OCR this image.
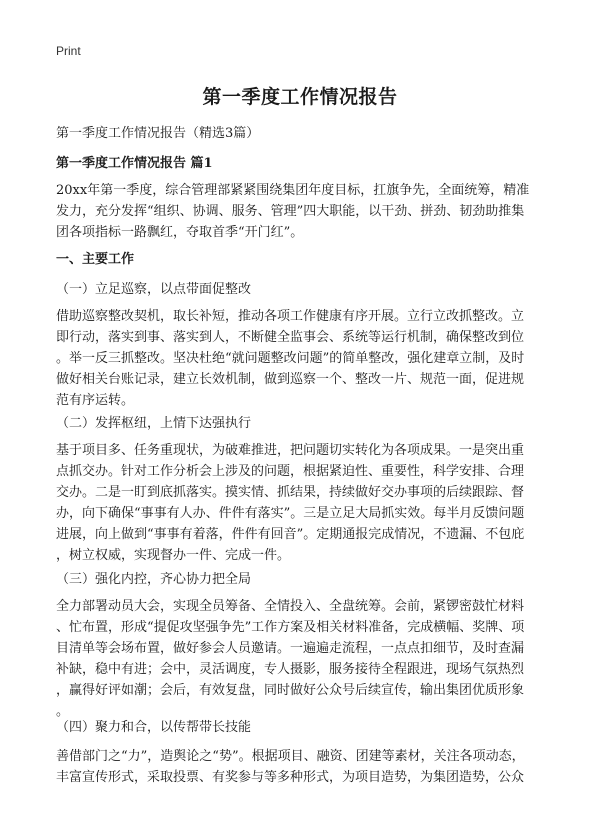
Print
第一季度工作情况报告
第一季度工作情况报告（精选3篇）
第一季度工作情况报告 篇1
20xx年第一季度，综合管理部紧紧围绕集团年度目标，扛旗争先，全面统筹，精准
发力，充分发挥“组织、协调、服务、管理”四大职能，以干劲、拼劲、韧劲助推集
团各项指标一路飘红，夺取首季“开门红”。
一、主要工作
（一）立足巡察，以点带面促整改
借助巡察整改契机，取长补短，推动各项工作健康有序开展。立行立改抓整改。立
即行动，落实到事、落实到人，不断健全监事会、系统等运行机制，确保整改到位
。举一反三抓整改。坚决杜绝“就问题整改问题”的简单整改，强化建章立制，及时
做好相关台账记录，建立长效机制，做到巡察一个、整改一片、规范一面，促进规
范有序运转。
（二）发挥枢纽，上情下达强执行
基于项目多、任务重现状，为破难推进，把问题切实转化为各项成果。一是突出重
点抓交办。针对工作分析会上涉及的问题，根据紧迫性、重要性，科学安排、合理
交办。二是一盯到底抓落实。摸实情、抓结果，持续做好交办事项的后续跟踪、督
办，向下确保“事事有人办、件件有落实”。三是立足大局抓实效。每半月反馈问题
进展，向上做到“事事有着落，件件有回音”。定期通报完成情况，不遗漏、不包庇
，树立权威，实现督办一件、完成一件。
（三）强化内控，齐心协力把全局
全力部署动员大会，实现全员筹备、全情投入、全盘统筹。会前，紧锣密鼓忙材料
、忙布置，形成“提促攻坚强争先”工作方案及相关材料准备，完成横幅、奖牌、项
目清单等会场布置，做好参会人员邀请。一遍遍走流程，一点点扣细节，及时查漏
补缺，稳中有进；会中，灵活调度，专人摄影，服务接待全程跟进，现场气氛热烈
，赢得好评如潮；会后，有效复盘，同时做好公众号后续宣传，输出集团优质形象
。
（四）聚力和合，以传帮带长技能
善借部门之“力”，造舆论之“势”。根据项目、融资、团建等素材，关注各项动态，
丰富宣传形式，采取投票、有奖参与等多种形式，为项目造势，为集团造势，公众
